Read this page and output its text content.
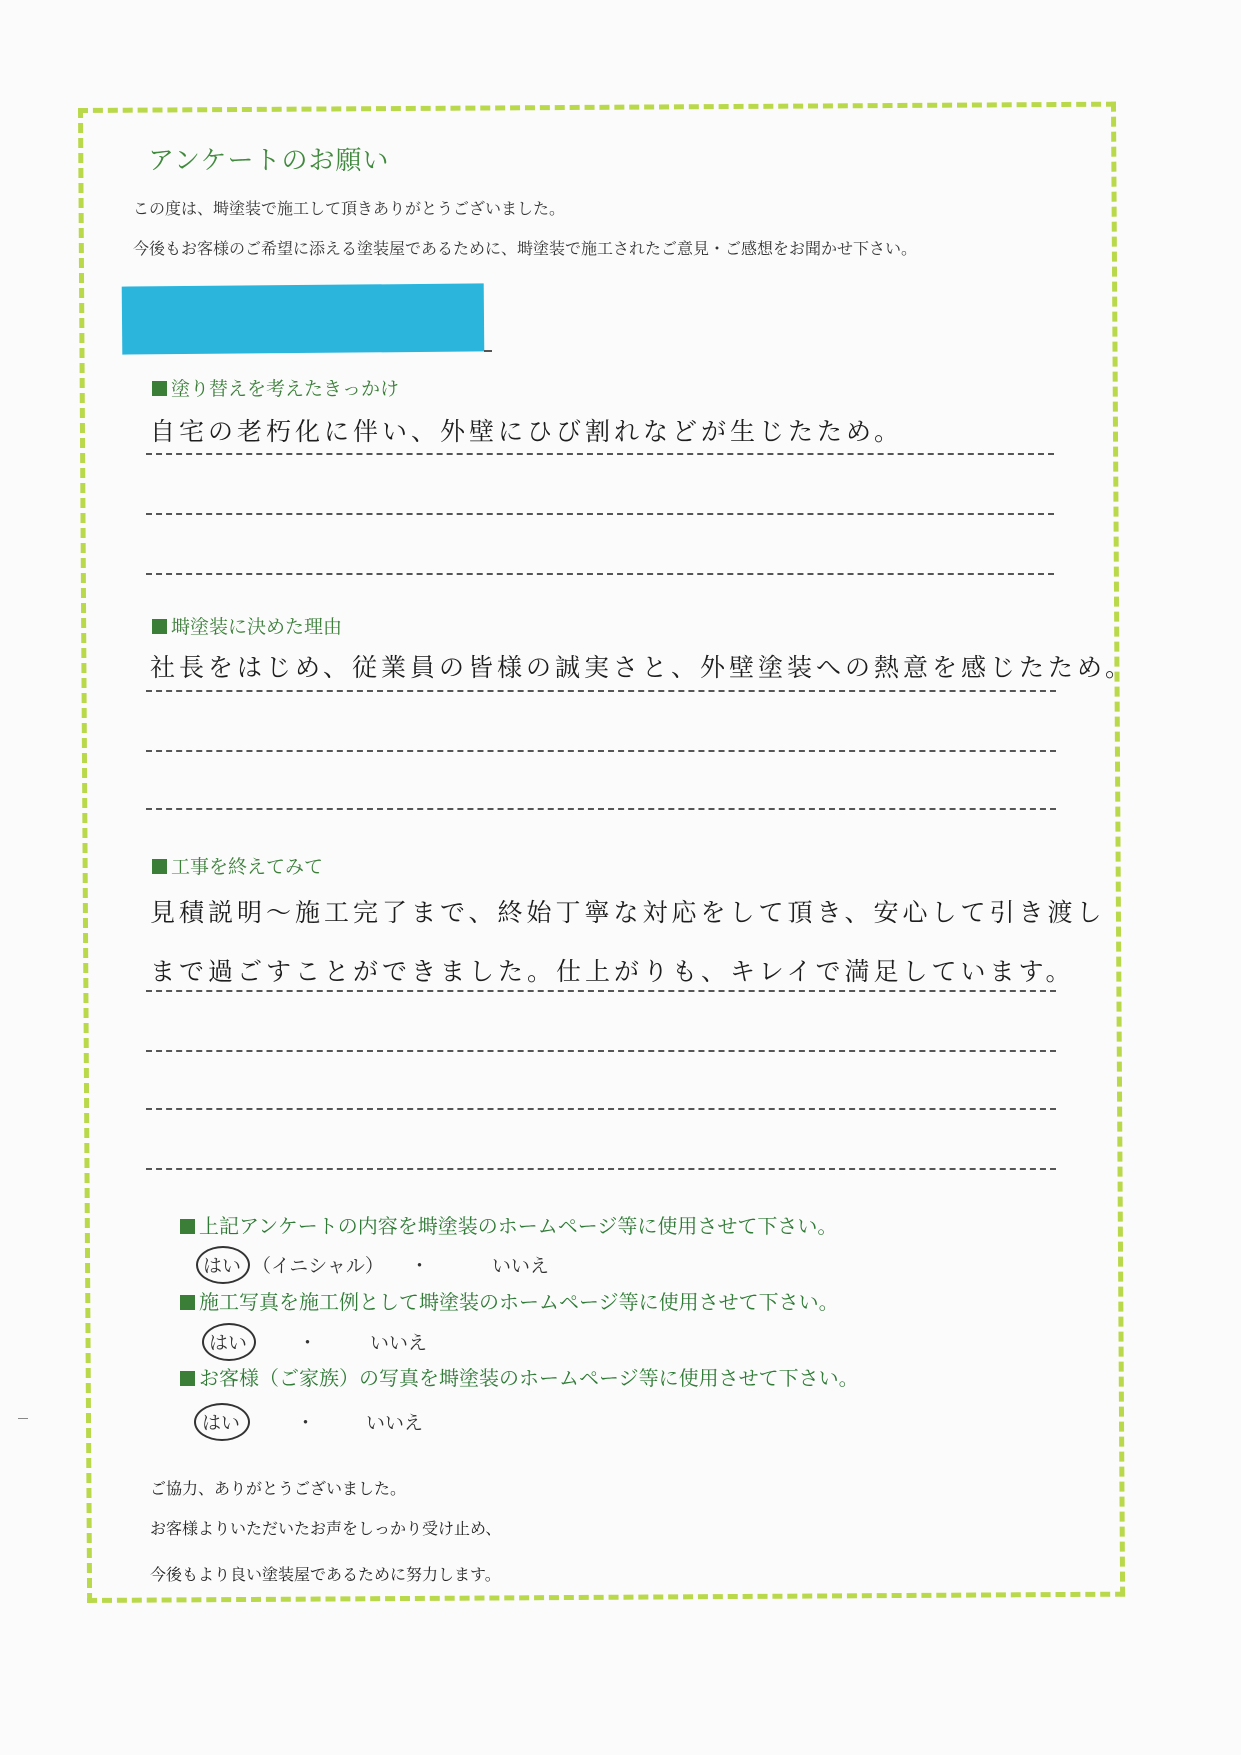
アンケートのお願い
この度は、塒塗装で施工して頂きありがとうございました。
今後もお客様のご希望に添える塗装屋であるために、塒塗装で施工されたご意見・ご感想をお聞かせ下さい。
塗り替えを考えたきっかけ
自宅の老朽化に伴い、外壁にひび割れなどが生じたため。
塒塗装に決めた理由
社長をはじめ、従業員の皆様の誠実さと、外壁塗装への熱意を感じたため。
工事を終えてみて
見積説明～施工完了まで、終始丁寧な対応をして頂き、安心して引き渡し
まで過ごすことができました。仕上がりも、キレイで満足しています。
上記アンケートの内容を塒塗装のホームページ等に使用させて下さい。
はい （イニシャル） ・	いいえ
施工写真を施工例として塒塗装のホームページ等に使用させて下さい。
はい	・	いいえ
お客様（ご家族）の写真を塒塗装のホームページ等に使用させて下さい。
はい	・	いいえ
ご協力、ありがとうございました。
お客様よりいただいたお声をしっかり受け止め、
今後もより良い塗装屋であるために努力します。
